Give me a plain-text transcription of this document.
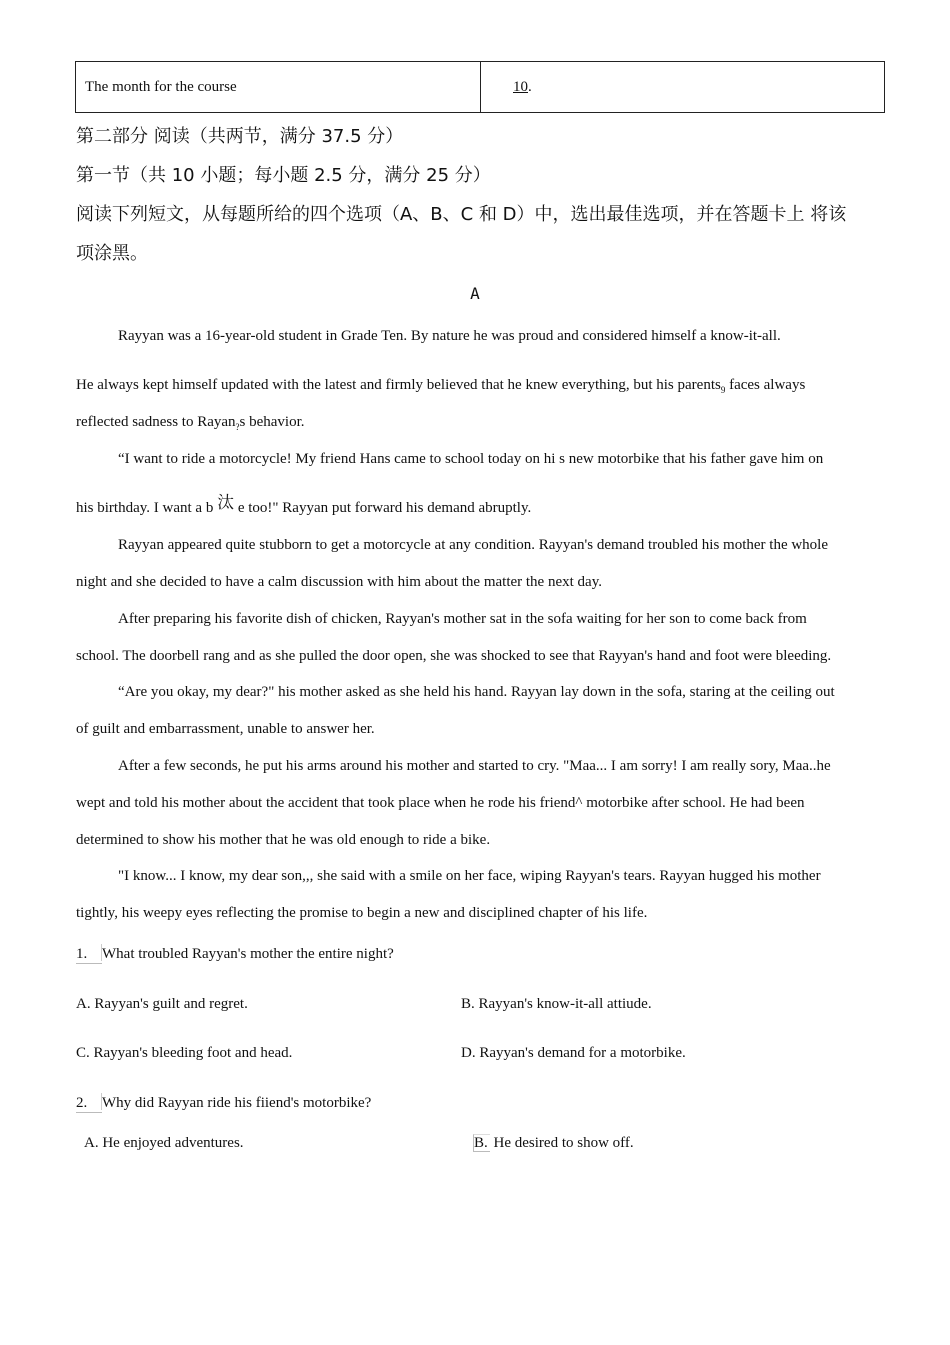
The month for the course	10 .
第二部分 阅读（共两节，满分 37.5 分）
第一节（共 10 小题；每小题 2.5 分，满分 25 分）
阅读下列短文，从每题所给的四个选项（A、B、C 和 D）中，选出最佳选项，并在答题卡上 将该
项涂黑。
A
Rayyan was a 16-year-old student in Grade Ten. By nature he was proud and considered himself a know-it-all.
He always kept himself updated with the latest and firmly believed that he knew everything, but his parents$_9$ faces always
reflected sadness to Rayan$_?$s behavior.
“I want to ride a motorcycle! My friend Hans came to school today on hi s new motorbike that his father gave him on
his birthday. I want a b 汰 e too!" Rayyan put forward his demand abruptly.
Rayyan appeared quite stubborn to get a motorcycle at any condition. Rayyan's demand troubled his mother the whole
night and she decided to have a calm discussion with him about the matter the next day.
After preparing his favorite dish of chicken, Rayyan's mother sat in the sofa waiting for her son to come back from
school. The doorbell rang and as she pulled the door open, she was shocked to see that Rayyan's hand and foot were bleeding.
“Are you okay, my dear?" his mother asked as she held his hand. Rayyan lay down in the sofa, staring at the ceiling out
of guilt and embarrassment, unable to answer her.
After a few seconds, he put his arms around his mother and started to cry. "Maa... I am sorry! I am really sory, Maa..he
wept and told his mother about the accident that took place when he rode his friend^ motorbike after school. He had been
determined to show his mother that he was old enough to ride a bike.
"I know... I know, my dear son,,, she said with a smile on her face, wiping Rayyan's tears. Rayyan hugged his mother
tightly, his weepy eyes reflecting the promise to begin a new and disciplined chapter of his life.
1. What troubled Rayyan's mother the entire night?
A. Rayyan's guilt and regret.	B. Rayyan's know-it-all attiude.
C. Rayyan's bleeding foot and head.	D. Rayyan's demand for a motorbike.
2. Why did Rayyan ride his fiiend's motorbike?
A. He enjoyed adventures.	B. He desired to show off.
